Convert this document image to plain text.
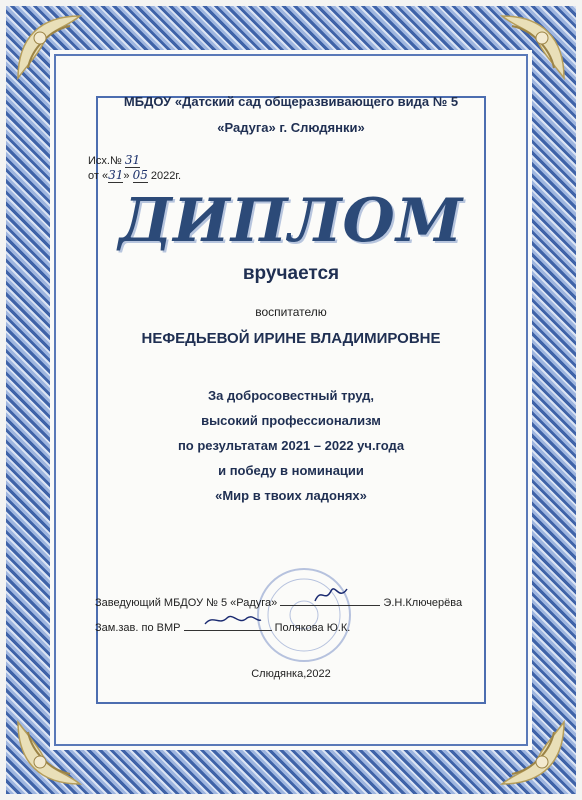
МБДОУ «Датский сад общеразвивающего вида № 5
«Радуга» г. Слюдянки»
Исх.№ 31
от «31» 05 2022г.
ДИПЛОМ
вручается
воспитателю
НЕФЕДЬЕВОЙ ИРИНЕ ВЛАДИМИРОВНЕ
За добросовестный труд,
высокий профессионализм
по результатам 2021 – 2022 уч.года
и победу в номинации
«Мир в твоих ладонях»
Заведующий МБДОУ № 5 «Радуга»	Э.Н.Ключерёва
Зам.зав. по ВМР	Полякова Ю.К.
Слюдянка,2022
